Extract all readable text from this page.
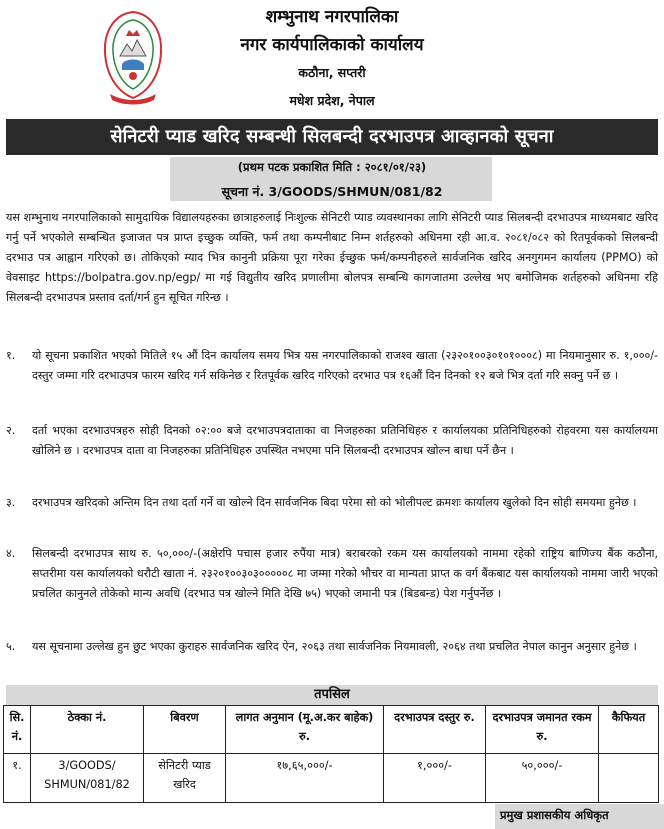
शम्भुनाथ नगरपालिका
नगर कार्यपालिकाको कार्यालय
कठौना, सप्तरी
मधेश प्रदेश, नेपाल
सेनिटरी प्याड खरिद सम्बन्धी सिलबन्दी दरभाउपत्र आव्हानको सूचना
(प्रथम पटक प्रकाशित मिति : २०८१/०१/२३)
सूचना नं. 3/GOODS/SHMUN/081/82

यस शम्भुनाथ नगरपालिकाको सामुदायिक विद्यालयहरुका छात्राहरुलाई निःशुल्क सेनिटरी प्याड व्यवस्थानका लागि सेनिटरी प्याड सिलबन्दी दरभाउपत्र माध्यमबाट खरिद गर्नु पर्ने भएकोले सम्बन्धित इजाजत पत्र प्राप्त इच्छुक व्यक्ति, फर्म तथा कम्पनीबाट निम्न शर्तहरुको अधिनमा रही आ.व. २०८१/०८२ को रितपूर्वकको सिलबन्दी दरभाउ पत्र आह्वान गरिएको छ। तोकिएको म्याद भित्र कानुनी प्रक्रिया पूरा गरेका ईच्छुक फर्म/कम्पनीहरुले सार्वजनिक खरिद अनगुगमन कार्यालय (PPMO) को वेवसाइट https://bolpatra.gov.np/egp/ मा गई विद्युतीय खरिद प्रणालीमा बोलपत्र सम्बन्धि कागजातमा उल्लेख भए बमोजिमक शर्तहरुको अधिनमा रहि सिलबन्दी दरभाउपत्र प्रस्ताव दर्ता/गर्न हुन सूचित गरिन्छ ।

१.	यो सूचना प्रकाशित भएको मितिले १५ औं दिन कार्यालय समय भित्र यस नगरपालिकाको राजश्व खाता (२३२०१००३०१०१०००८) मा नियमानुसार रु. १,०००/- दस्तुर जम्मा गरि दरभाउपत्र फारम खरिद गर्न सकिनेछ र रितपूर्वक खरिद गरिएको दरभाउ पत्र १६औं दिन दिनको १२ बजे भित्र दर्ता गरि सक्नु पर्ने छ ।
२.	दर्ता भएका दरभाउपत्रहरु सोही दिनको ०२:०० बजे दरभाउपत्रदाताका वा निजहरुका प्रतिनिधिहरु र कार्यालयका प्रतिनिधिहरुको रोहवरमा यस कार्यालयमा खोलिने छ । दरभाउपत्र दाता वा निजहरुका प्रतिनिधिहरु उपस्थित नभएमा पनि सिलबन्दी दरभाउपत्र खोल्न बाधा पर्ने छैन ।
३.	दरभाउपत्र खरिदको अन्तिम दिन तथा दर्ता गर्ने वा खोल्ने दिन सार्वजनिक बिदा परेमा सो को भोलीपल्ट क्रमशः कार्यालय खुलेको दिन सोही समयमा हुनेछ ।
४.	सिलबन्दी दरभाउपत्र साथ रु. ५०,०००/-(अक्षेरपि पचास हजार रुपैंया मात्र) बराबरको रकम यस कार्यालयको नाममा रहेको राष्ट्रिय बाणिज्य बैंक कठौना, सप्तरीमा यस कार्यालयको धरौटी खाता नं. २३२०१००३०३०००००८ मा जम्मा गरेको भौचर वा मान्यता प्राप्त क वर्ग बैंकबाट यस कार्यालयको नाममा जारी भएको प्रचलित कानुनले तोकेको मान्य अवधि (दरभाउ पत्र खोल्ने मिति देखि ७५) भएको जमानी पत्र (बिडबन्ड) पेश गर्नुपर्नेछ ।
५.	यस सूचनामा उल्लेख हुन छुट भएका कुराहरु सार्वजनिक खरिद ऐन, २०६३ तथा सार्वजनिक नियमावली, २०६४ तथा प्रचलित नेपाल कानुन अनुसार हुनेछ ।
तपसिल
सि. नं.	ठेक्का नं.	बिवरण	लागत अनुमान (मू.अ.कर बाहेक) रु.	दरभाउपत्र दस्तुर रु.	दरभाउपत्र जमानत रकम रु.	कैफियत
१.	3/GOODS/ SHMUN/081/82	सेनिटरी प्याड खरिद	१७,६५,०००/-	१,०००/-	५०,०००/-	
प्रमुख प्रशासकीय अधिकृत
